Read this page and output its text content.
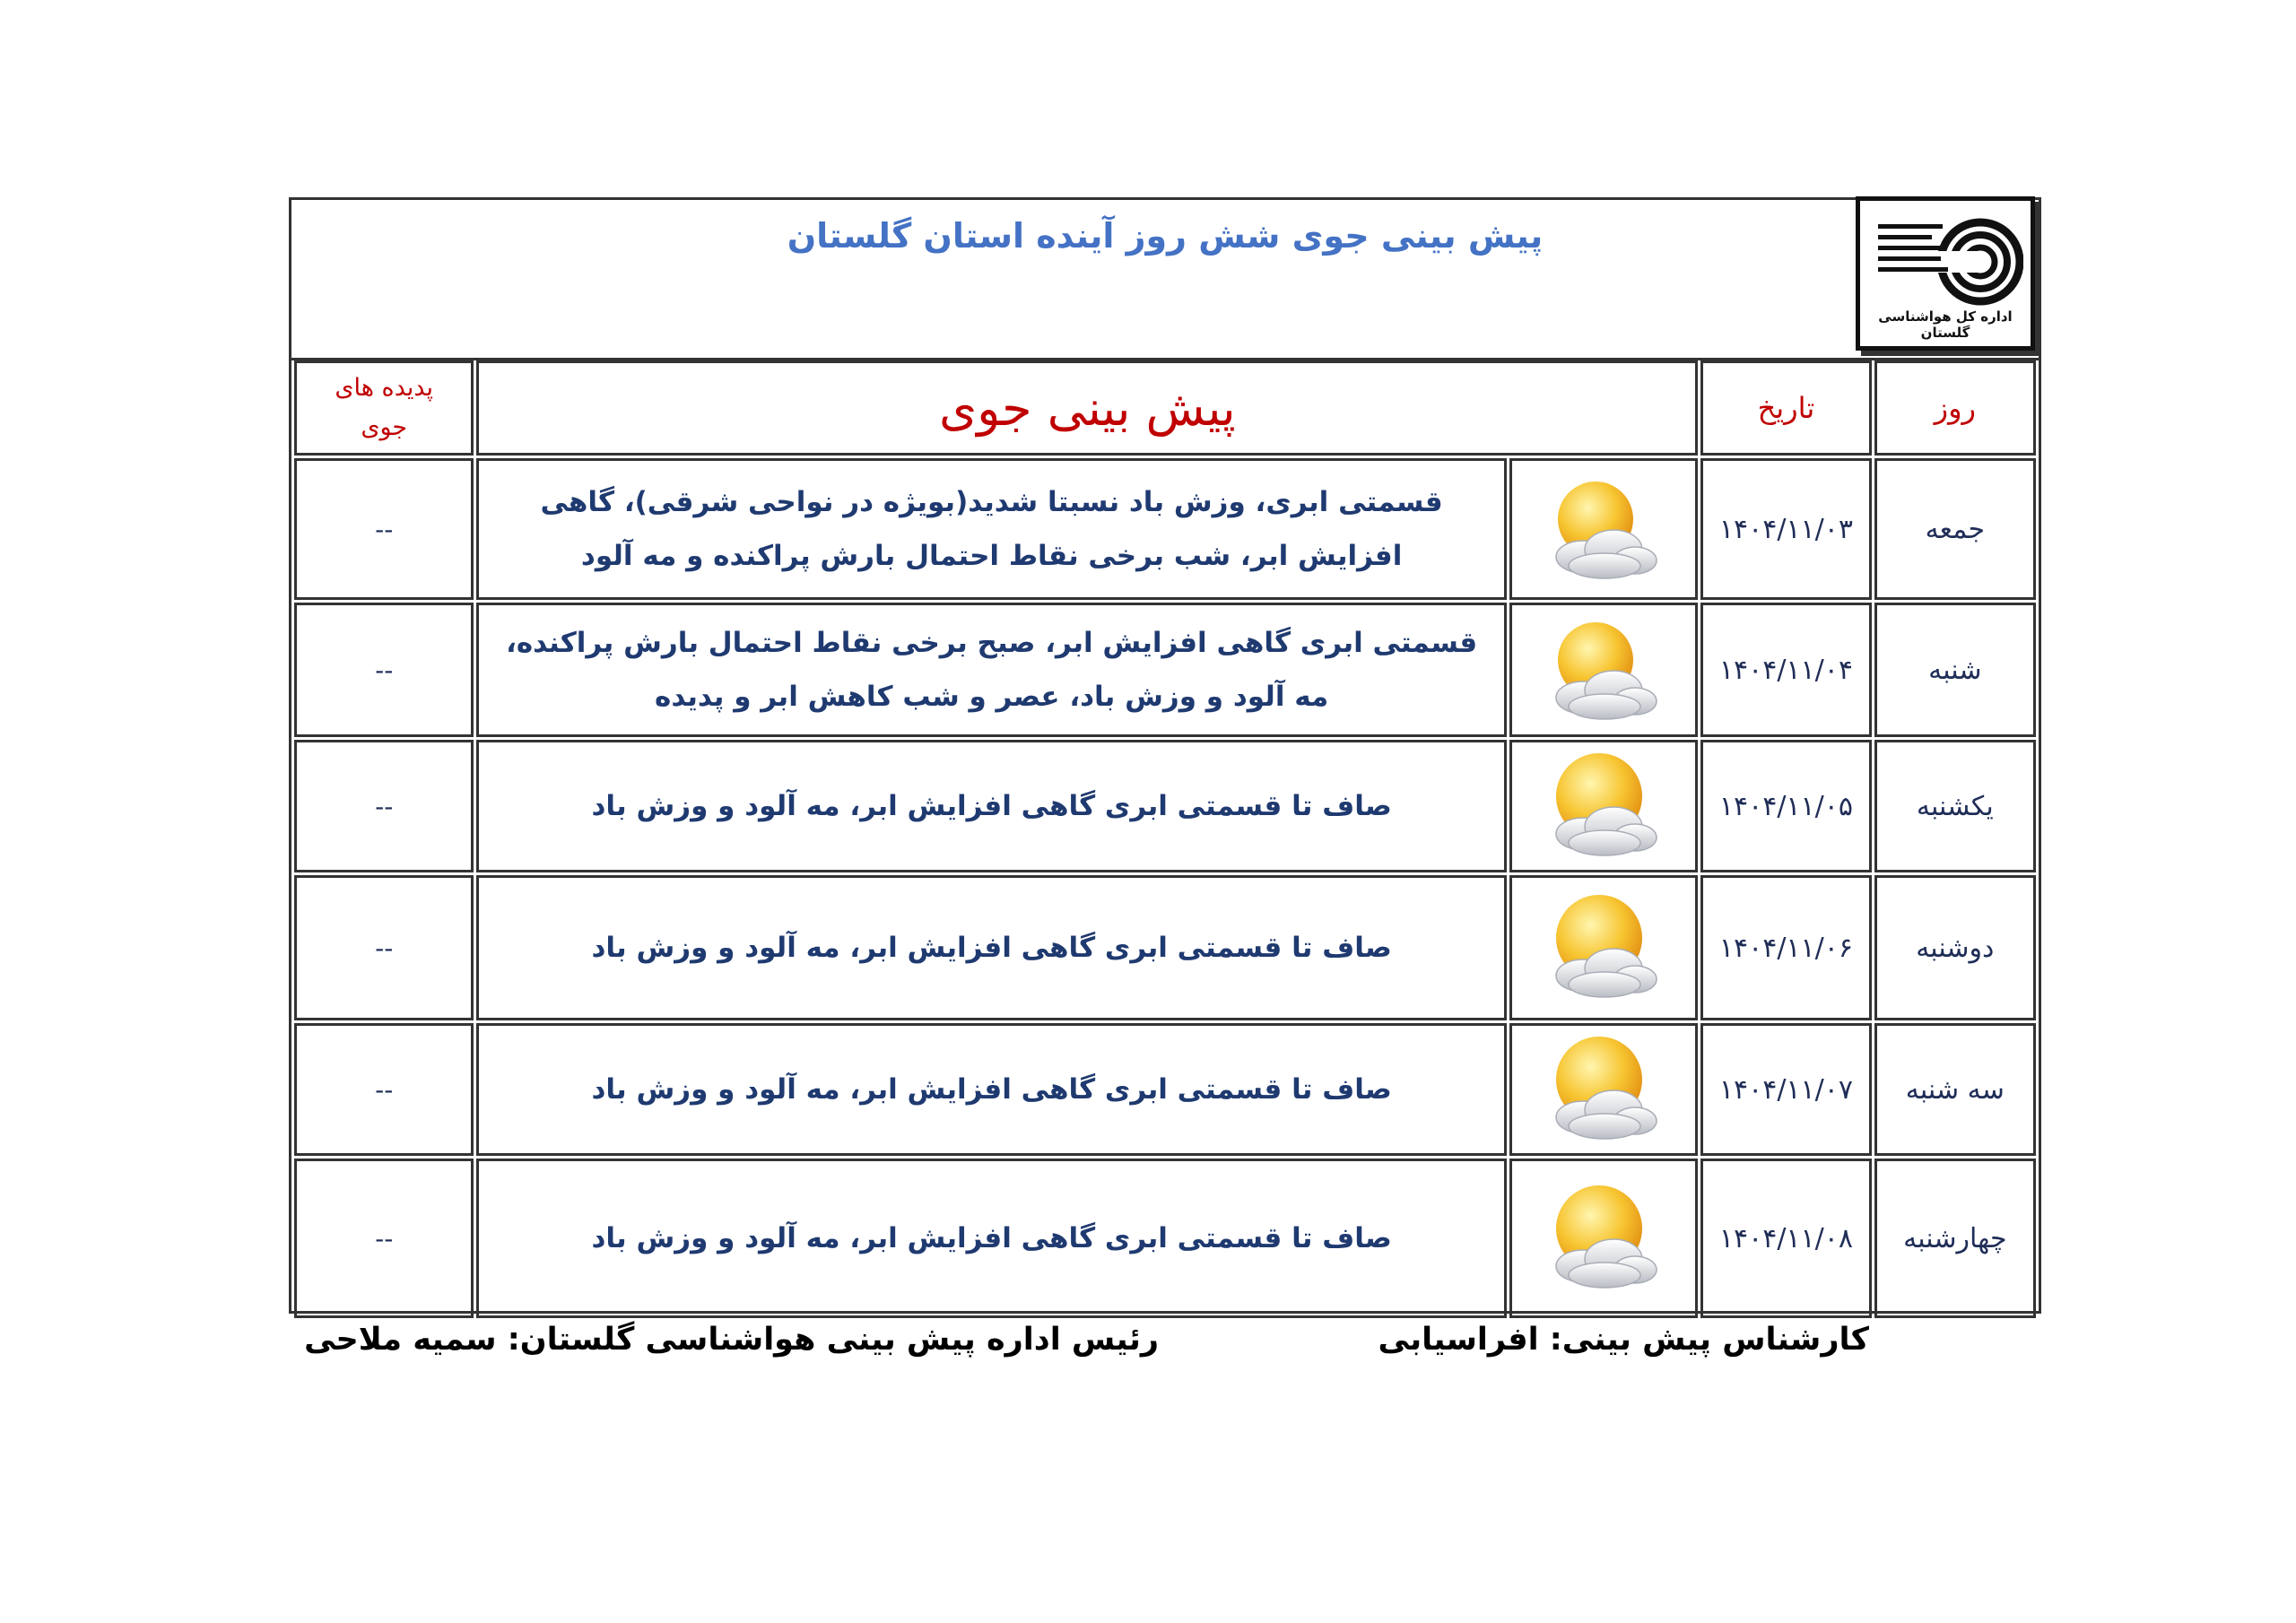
پیش بینی جوی شش روز آینده استان گلستان
اداره کل هواشناسی گلستان
روز	تاریخ	پیش بینی جوی		پدیده های
جوی

جمعه	۱۴۰۴/۱۱/۰۳		قسمتی ابری، وزش باد نسبتا شدید(بویژه در نواحی شرقی)، گاهی افزایش ابر، شب برخی نقاط احتمال بارش پراکنده و مه آلود	--
شنبه	۱۴۰۴/۱۱/۰۴		قسمتی ابری گاهی افزایش ابر، صبح برخی نقاط احتمال بارش پراکنده، مه آلود و وزش باد، عصر و شب کاهش ابر و پدیده	--
یکشنبه	۱۴۰۴/۱۱/۰۵		صاف تا قسمتی ابری گاهی افزایش ابر، مه آلود و وزش باد	--
دوشنبه	۱۴۰۴/۱۱/۰۶		صاف تا قسمتی ابری گاهی افزایش ابر، مه آلود و وزش باد	--
سه شنبه	۱۴۰۴/۱۱/۰۷		صاف تا قسمتی ابری گاهی افزایش ابر، مه آلود و وزش باد	--
چهارشنبه	۱۴۰۴/۱۱/۰۸		صاف تا قسمتی ابری گاهی افزایش ابر، مه آلود و وزش باد	--
کارشناس پیش بینی: افراسیابی
رئیس اداره پیش بینی هواشناسی گلستان: سمیه ملاحی
